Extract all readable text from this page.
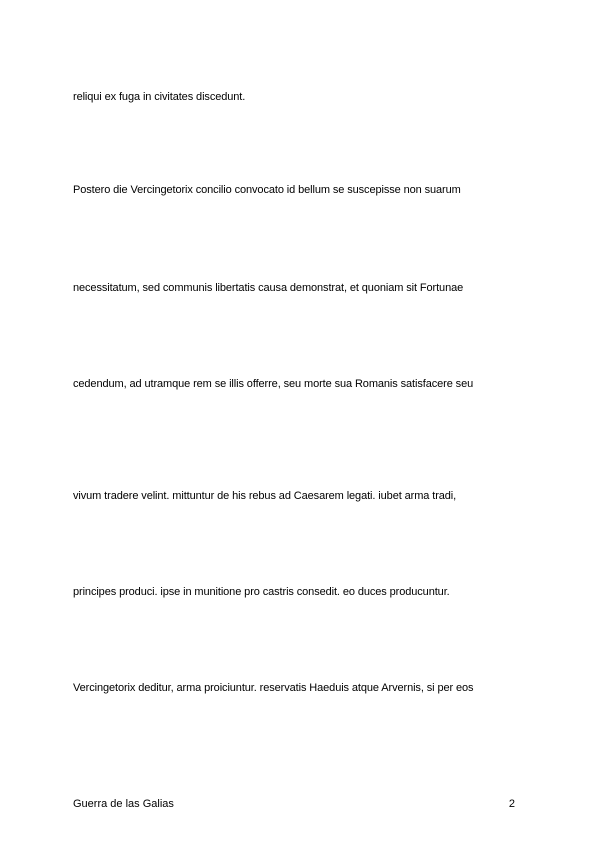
reliqui ex fuga in civitates discedunt.
Postero die Vercingetorix concilio convocato id bellum se suscepisse non suarum
necessitatum, sed communis libertatis causa demonstrat, et quoniam sit Fortunae
cedendum, ad utramque rem se illis offerre, seu morte sua Romanis satisfacere seu
vivum tradere velint. mittuntur de his rebus ad Caesarem legati. iubet arma tradi,
principes produci. ipse in munitione pro castris consedit. eo duces producuntur.
Vercingetorix deditur, arma proiciuntur. reservatis Haeduis atque Arvernis, si per eos
Guerra de las Galias	2
